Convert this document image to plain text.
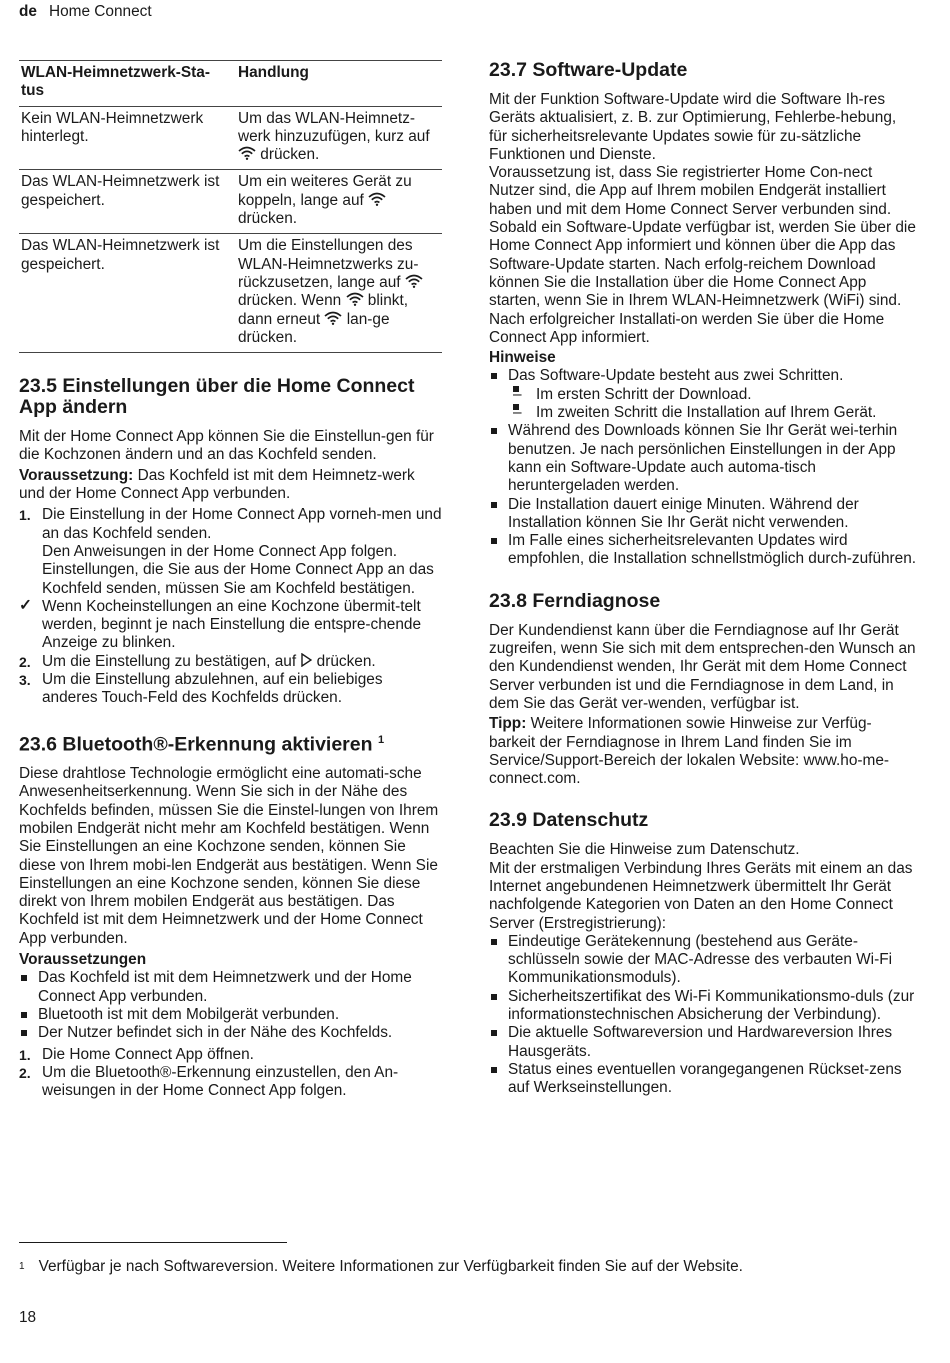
de Home Connect
WLAN-Heimnetzwerk-Sta-tus	Handlung
Kein WLAN-Heimnetzwerk hinterlegt.	Um das WLAN-Heimnetz-werk hinzuzufügen, kurz auf  drücken.
Das WLAN-Heimnetzwerk ist gespeichert.	Um ein weiteres Gerät zu koppeln, lange auf  drücken.
Das WLAN-Heimnetzwerk ist gespeichert.	Um die Einstellungen des WLAN-Heimnetzwerks zu-rückzusetzen, lange auf  drücken. Wenn blinkt, dann erneut lan-ge drücken.
23.5 Einstellungen über die Home Connect App ändern

Mit der Home Connect App können Sie die Einstellun-gen für die Kochzonen ändern und an das Kochfeld senden.

Voraussetzung: Das Kochfeld ist mit dem Heimnetz-werk und der Home Connect App verbunden.

1. Die Einstellung in der Home Connect App vorneh-men und an das Kochfeld senden.
Den Anweisungen in der Home Connect App folgen.
Einstellungen, die Sie aus der Home Connect App an das Kochfeld senden, müssen Sie am Kochfeld bestätigen.
✓ Wenn Kocheinstellungen an eine Kochzone übermit-telt werden, beginnt je nach Einstellung die entspre-chende Anzeige zu blinken.
2. Um die Einstellung zu bestätigen, auf drücken.
3. Um die Einstellung abzulehnen, auf ein beliebiges anderes Touch-Feld des Kochfelds drücken.
23.6 Bluetooth®-Erkennung aktivieren $^1$

Diese drahtlose Technologie ermöglicht eine automati-sche Anwesenheitserkennung. Wenn Sie sich in der Nähe des Kochfelds befinden, müssen Sie die Einstel-lungen von Ihrem mobilen Endgerät nicht mehr am Kochfeld bestätigen. Wenn Sie Einstellungen an eine Kochzone senden, können Sie diese von Ihrem mobi-len Endgerät aus bestätigen. Wenn Sie Einstellungen an eine Kochzone senden, können Sie diese direkt von Ihrem mobilen Endgerät aus bestätigen. Das Kochfeld ist mit dem Heimnetzwerk und der Home Connect App verbunden.

Voraussetzungen

Das Kochfeld ist mit dem Heimnetzwerk und der Home Connect App verbunden.
Bluetooth ist mit dem Mobilgerät verbunden.
Der Nutzer befindet sich in der Nähe des Kochfelds.
1. Die Home Connect App öffnen.
2. Um die Bluetooth®-Erkennung einzustellen, den An-weisungen in der Home Connect App folgen.
23.7 Software-Update

Mit der Funktion Software-Update wird die Software Ih-res Geräts aktualisiert, z. B. zur Optimierung, Fehlerbe-hebung, für sicherheitsrelevante Updates sowie für zu-sätzliche Funktionen und Dienste.

Voraussetzung ist, dass Sie registrierter Home Con-nect Nutzer sind, die App auf Ihrem mobilen Endgerät installiert haben und mit dem Home Connect Server verbunden sind.

Sobald ein Software-Update verfügbar ist, werden Sie über die Home Connect App informiert und können über die App das Software-Update starten. Nach erfolg-reichem Download können Sie die Installation über die Home Connect App starten, wenn Sie in Ihrem WLAN-Heimnetzwerk (WiFi) sind. Nach erfolgreicher Installati-on werden Sie über die Home Connect App informiert.

Hinweise

Das Software-Update besteht aus zwei Schritten.
– Im ersten Schritt der Download.
– Im zweiten Schritt die Installation auf Ihrem Gerät.
Während des Downloads können Sie Ihr Gerät wei-terhin benutzen. Je nach persönlichen Einstellungen in der App kann ein Software-Update auch automa-tisch heruntergeladen werden.
Die Installation dauert einige Minuten. Während der Installation können Sie Ihr Gerät nicht verwenden.
Im Falle eines sicherheitsrelevanten Updates wird empfohlen, die Installation schnellstmöglich durch-zuführen.
23.8 Ferndiagnose

Der Kundendienst kann über die Ferndiagnose auf Ihr Gerät zugreifen, wenn Sie sich mit dem entsprechen-den Wunsch an den Kundendienst wenden, Ihr Gerät mit dem Home Connect Server verbunden ist und die Ferndiagnose in dem Land, in dem Sie das Gerät ver-wenden, verfügbar ist.

Tipp: Weitere Informationen sowie Hinweise zur Verfüg-barkeit der Ferndiagnose in Ihrem Land finden Sie im Service/Support-Bereich der lokalen Website: www.ho-me-connect.com.

23.9 Datenschutz

Beachten Sie die Hinweise zum Datenschutz.

Mit der erstmaligen Verbindung Ihres Geräts mit einem an das Internet angebundenen Heimnetzwerk übermittelt Ihr Gerät nachfolgende Kategorien von Daten an den Home Connect Server (Erstregistrierung):

Eindeutige Gerätekennung (bestehend aus Geräte-schlüsseln sowie der MAC-Adresse des verbauten Wi-Fi Kommunikationsmoduls).
Sicherheitszertifikat des Wi-Fi Kommunikationsmo-duls (zur informationstechnischen Absicherung der Verbindung).
Die aktuelle Softwareversion und Hardwareversion Ihres Hausgeräts.
Status eines eventuellen vorangegangenen Rückset-zens auf Werkseinstellungen.
$^1$ Verfügbar je nach Softwareversion. Weitere Informationen zur Verfügbarkeit finden Sie auf der Website.
18
